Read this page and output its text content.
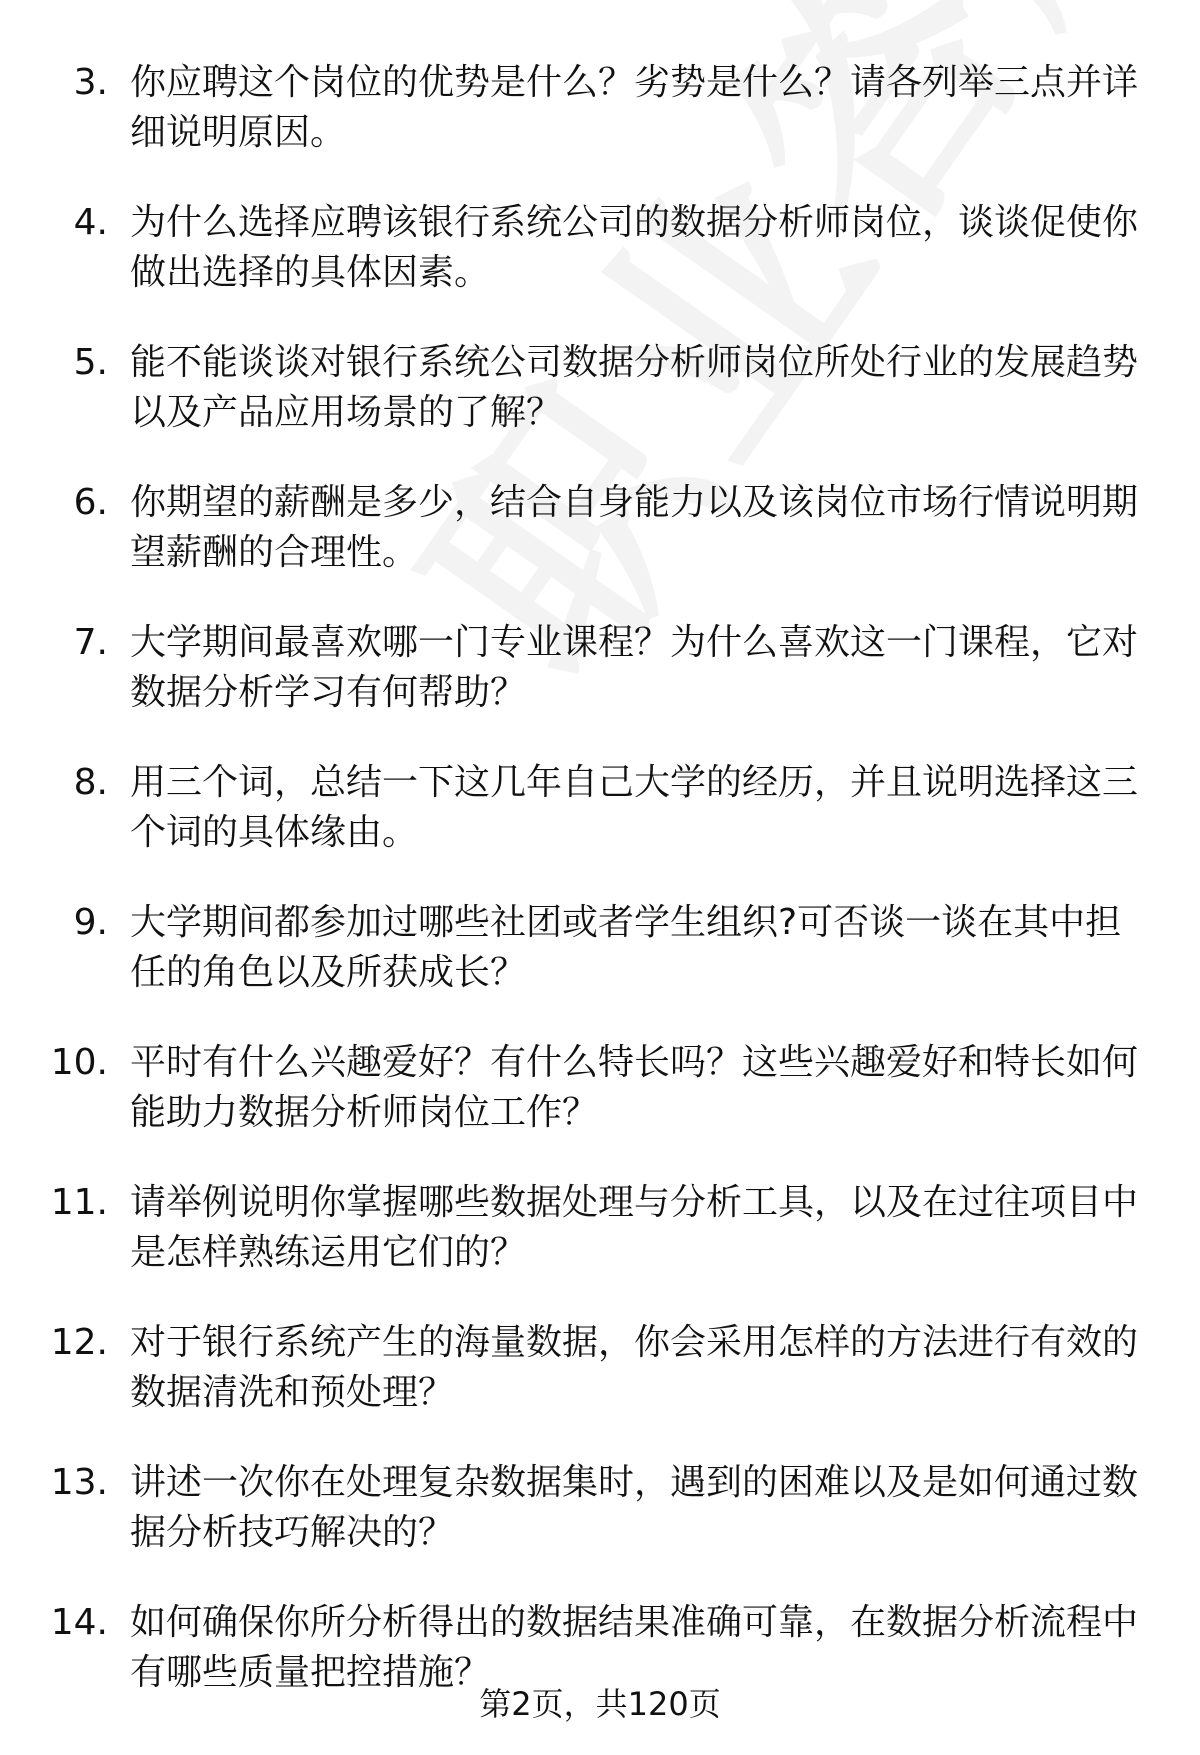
3. 你应聘这个岗位的优势是什么？劣势是什么？请各列举三点并详细说明原因。
4. 为什么选择应聘该银行系统公司的数据分析师岗位，谈谈促使你做出选择的具体因素。
5. 能不能谈谈对银行系统公司数据分析师岗位所处行业的发展趋势以及产品应用场景的了解？
6. 你期望的薪酬是多少，结合自身能力以及该岗位市场行情说明期望薪酬的合理性。
7. 大学期间最喜欢哪一门专业课程？为什么喜欢这一门课程，它对数据分析学习有何帮助？
8. 用三个词，总结一下这几年自己大学的经历，并且说明选择这三个词的具体缘由。
9. 大学期间都参加过哪些社团或者学生组织?可否谈一谈在其中担任的角色以及所获成长？
10. 平时有什么兴趣爱好？有什么特长吗？这些兴趣爱好和特长如何能助力数据分析师岗位工作？
11. 请举例说明你掌握哪些数据处理与分析工具，以及在过往项目中是怎样熟练运用它们的？
12. 对于银行系统产生的海量数据，你会采用怎样的方法进行有效的数据清洗和预处理？
13. 讲述一次你在处理复杂数据集时，遇到的困难以及是如何通过数据分析技巧解决的？
14. 如何确保你所分析得出的数据结果准确可靠，在数据分析流程中有哪些质量把控措施？
第2页，共120页
